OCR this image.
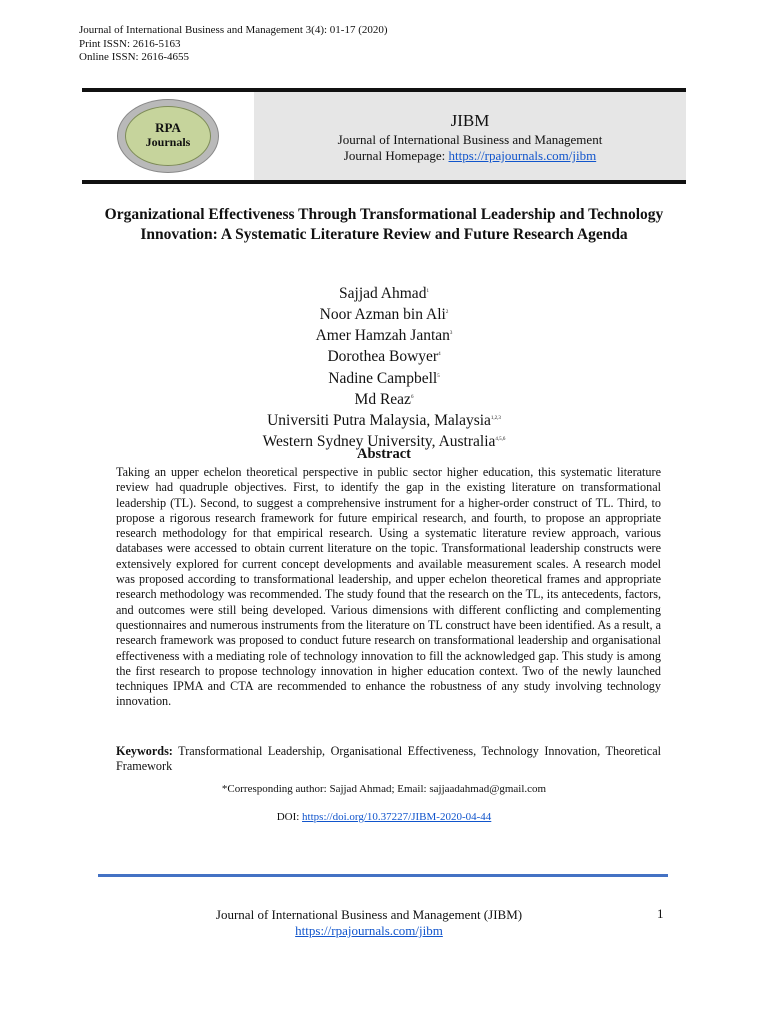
Journal of International Business and Management 3(4): 01-17 (2020)
Print ISSN: 2616-5163
Online ISSN: 2616-4655
RPA
Journals
JIBM
Journal of International Business and Management
Journal Homepage: https://rpajournals.com/jibm
Organizational Effectiveness Through Transformational Leadership and Technology Innovation: A Systematic Literature Review and Future Research Agenda
Sajjad Ahmad$^1$
Noor Azman bin Ali$^2$
Amer Hamzah Jantan$^3$
Dorothea Bowyer$^4$
Nadine Campbell$^5$
Md Reaz$^6$
Universiti Putra Malaysia, Malaysia$^{1,2,3}$
Western Sydney University, Australia$^{4,5,6}$
Abstract
Taking an upper echelon theoretical perspective in public sector higher education, this systematic literature review had quadruple objectives. First, to identify the gap in the existing literature on transformational leadership (TL). Second, to suggest a comprehensive instrument for a higher-order construct of TL. Third, to propose a rigorous research framework for future empirical research, and fourth, to propose an appropriate research methodology for that empirical research. Using a systematic literature review approach, various databases were accessed to obtain current literature on the topic. Transformational leadership constructs were extensively explored for current concept developments and available measurement scales. A research model was proposed according to transformational leadership, and upper echelon theoretical frames and appropriate research methodology was recommended. The study found that the research on the TL, its antecedents, factors, and outcomes were still being developed. Various dimensions with different conflicting and complementing questionnaires and numerous instruments from the literature on TL construct have been identified. As a result, a research framework was proposed to conduct future research on transformational leadership and organisational effectiveness with a mediating role of technology innovation to fill the acknowledged gap. This study is among the first research to propose technology innovation in higher education context. Two of the newly launched techniques IPMA and CTA are recommended to enhance the robustness of any study involving technology innovation.
Keywords: Transformational Leadership, Organisational Effectiveness, Technology Innovation, Theoretical Framework
*Corresponding author: Sajjad Ahmad; Email: sajjaadahmad@gmail.com
DOI: https://doi.org/10.37227/JIBM-2020-04-44
Journal of International Business and Management (JIBM)
https://rpajournals.com/jibm
1
